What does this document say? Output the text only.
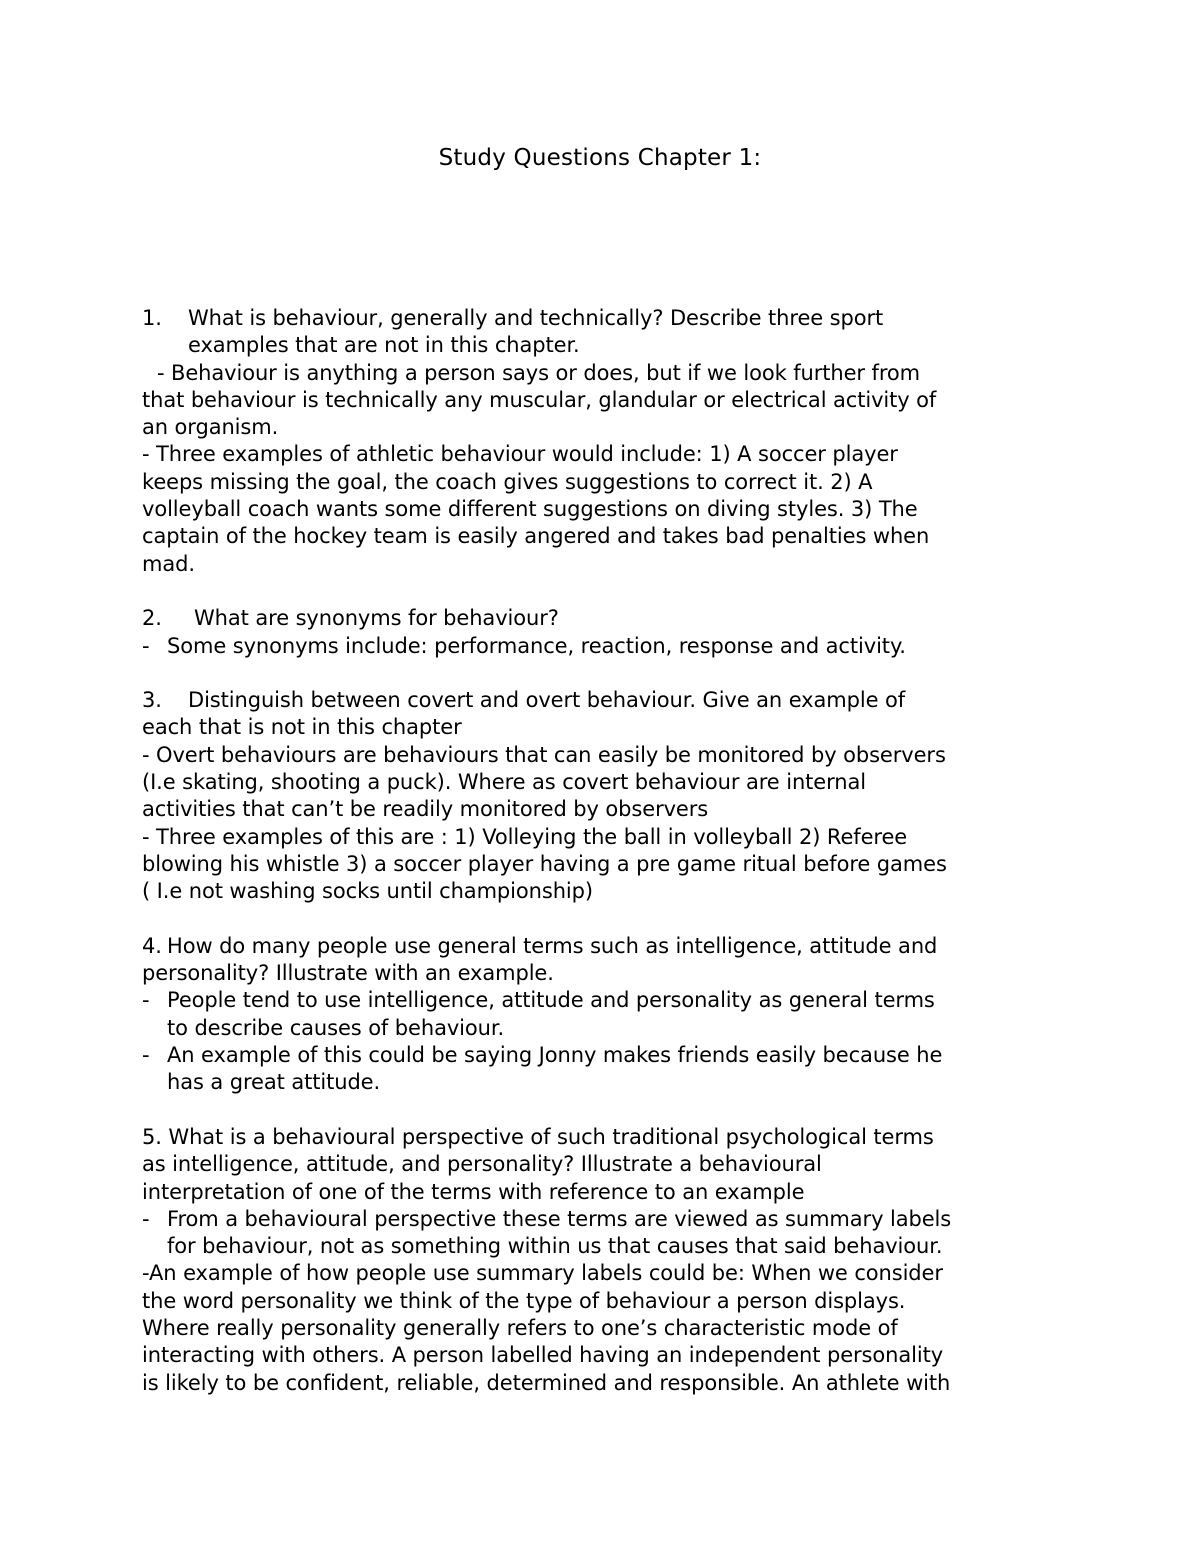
Study Questions Chapter 1:
1. What is behaviour, generally and technically? Describe three sport
examples that are not in this chapter.
- Behaviour is anything a person says or does, but if we look further from
that behaviour is technically any muscular, glandular or electrical activity of
an organism.
- Three examples of athletic behaviour would include: 1) A soccer player
keeps missing the goal, the coach gives suggestions to correct it. 2) A
volleyball coach wants some different suggestions on diving styles. 3) The
captain of the hockey team is easily angered and takes bad penalties when
mad.
2. What are synonyms for behaviour?
- Some synonyms include: performance, reaction, response and activity.
3. Distinguish between covert and overt behaviour. Give an example of
each that is not in this chapter
- Overt behaviours are behaviours that can easily be monitored by observers
(I.e skating, shooting a puck). Where as covert behaviour are internal
activities that can’t be readily monitored by observers
- Three examples of this are : 1) Volleying the ball in volleyball 2) Referee
blowing his whistle 3) a soccer player having a pre game ritual before games
( I.e not washing socks until championship)
4. How do many people use general terms such as intelligence, attitude and
personality? Illustrate with an example.
- People tend to use intelligence, attitude and personality as general terms
to describe causes of behaviour.
- An example of this could be saying Jonny makes friends easily because he
has a great attitude.
5. What is a behavioural perspective of such traditional psychological terms
as intelligence, attitude, and personality? Illustrate a behavioural
interpretation of one of the terms with reference to an example
- From a behavioural perspective these terms are viewed as summary labels
for behaviour, not as something within us that causes that said behaviour.
-An example of how people use summary labels could be: When we consider
the word personality we think of the type of behaviour a person displays.
Where really personality generally refers to one’s characteristic mode of
interacting with others. A person labelled having an independent personality
is likely to be confident, reliable, determined and responsible. An athlete with
